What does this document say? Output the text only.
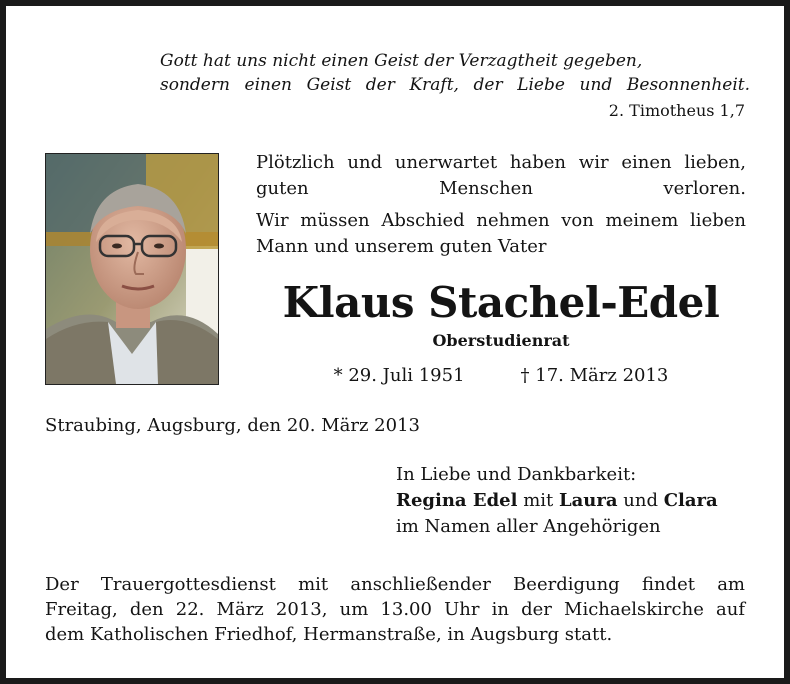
Gott hat uns nicht einen Geist der Verzagtheit gegeben,

sondern einen Geist der Kraft, der Liebe und Besonnenheit.
2. Timotheus 1,7

Plötzlich und unerwartet haben wir einen lieben, guten Menschen verloren.

Wir müssen Abschied nehmen von meinem lieben Mann und unserem guten Vater

Klaus Stachel-Edel
Oberstudienrat
* 29. Juli 1951	† 17. März 2013
Straubing, Augsburg, den 20. März 2013
In Liebe und Dankbarkeit:
Regina Edel mit Laura und Clara
im Namen aller Angehörigen

Der Trauergottesdienst mit anschließender Beerdigung findet am

Freitag, den 22. März 2013, um 13.00 Uhr in der Michaelskirche auf

dem Katholischen Friedhof, Hermanstraße, in Augsburg statt.
